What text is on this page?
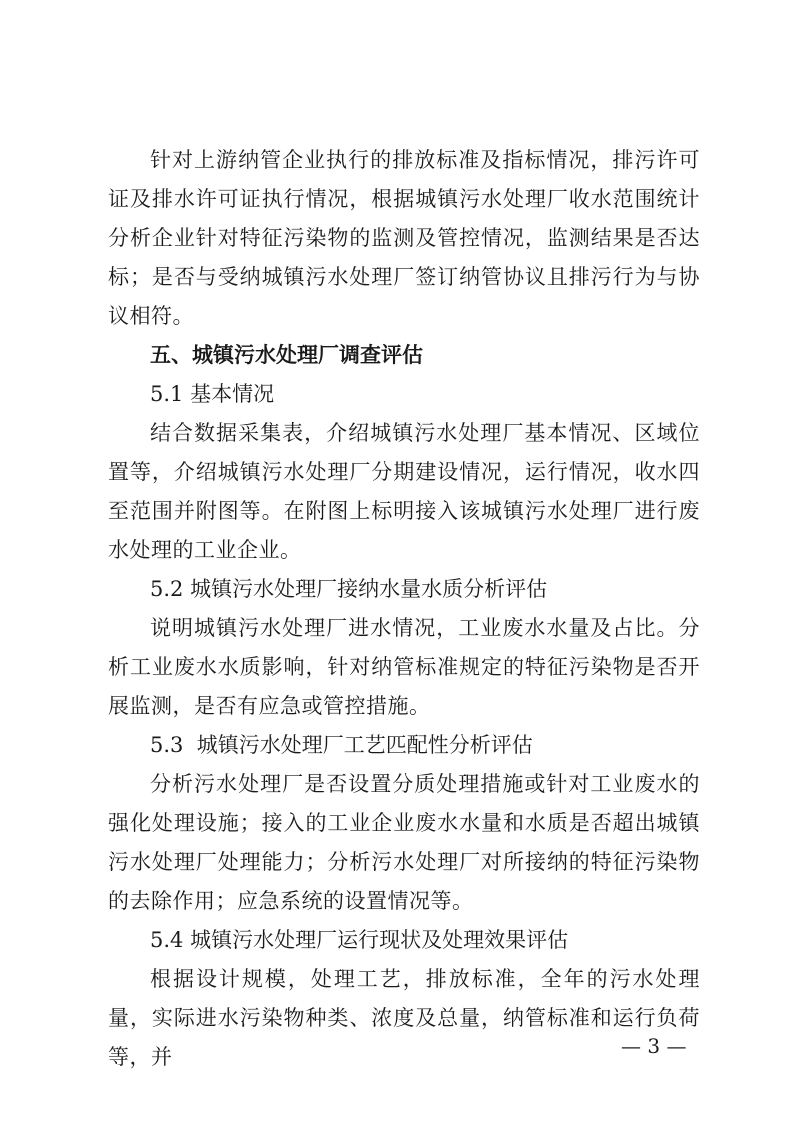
针对上游纳管企业执行的排放标准及指标情况，排污许可证及排水许可证执行情况，根据城镇污水处理厂收水范围统计分析企业针对特征污染物的监测及管控情况，监测结果是否达标；是否与受纳城镇污水处理厂签订纳管协议且排污行为与协议相符。

五、城镇污水处理厂调查评估

5.1 基本情况

结合数据采集表，介绍城镇污水处理厂基本情况、区域位置等，介绍城镇污水处理厂分期建设情况，运行情况，收水四至范围并附图等。在附图上标明接入该城镇污水处理厂进行废水处理的工业企业。

5.2 城镇污水处理厂接纳水量水质分析评估

说明城镇污水处理厂进水情况，工业废水水量及占比。分析工业废水水质影响，针对纳管标准规定的特征污染物是否开展监测，是否有应急或管控措施。

5.3  城镇污水处理厂工艺匹配性分析评估

分析污水处理厂是否设置分质处理措施或针对工业废水的强化处理设施；接入的工业企业废水水量和水质是否超出城镇污水处理厂处理能力；分析污水处理厂对所接纳的特征污染物的去除作用；应急系统的设置情况等。

5.4 城镇污水处理厂运行现状及处理效果评估

根据设计规模，处理工艺，排放标准，全年的污水处理量，实际进水污染物种类、浓度及总量，纳管标准和运行负荷等，并	— 3 —
